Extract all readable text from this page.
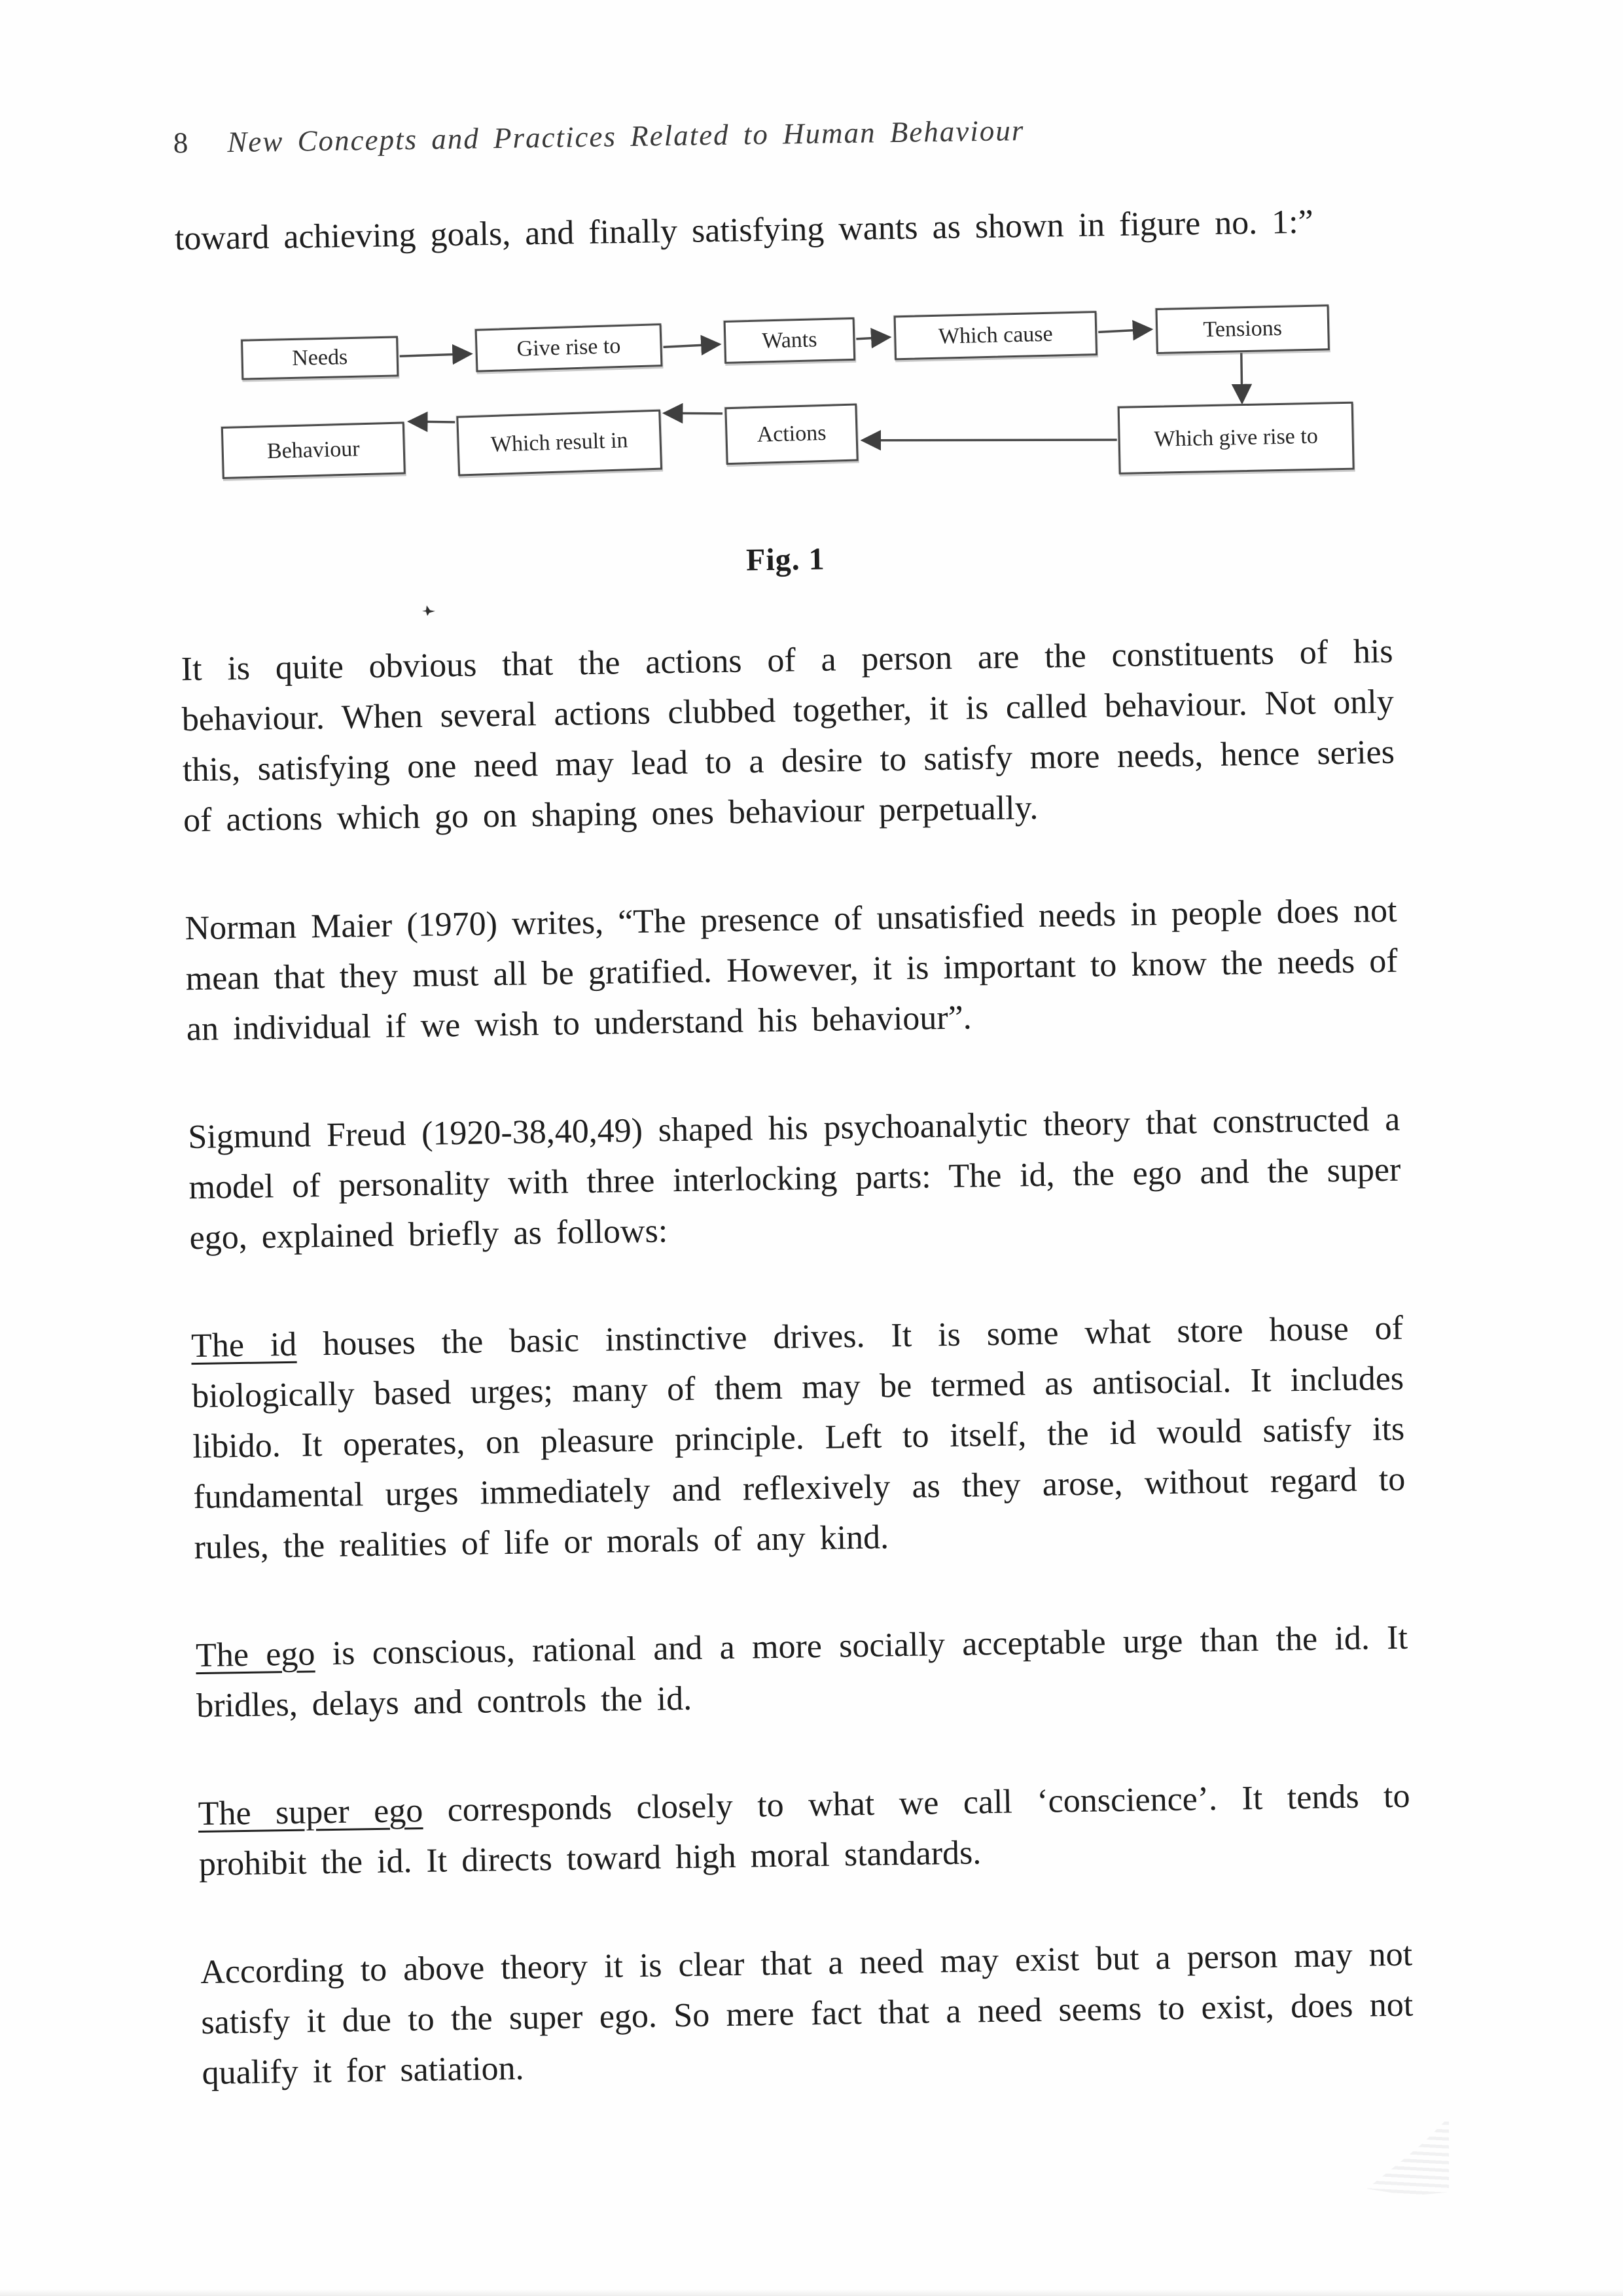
8 New Concepts and Practices Related to Human Behaviour

toward achieving goals, and finally satisfying wants as shown in figure no. 1:”

Needs	Give rise to	Wants	Which cause	Tensions
Behaviour	Which result in	Actions	Which give rise to
Fig. 1

It is quite obvious that the actions of a person are the constituents of his behaviour. When several actions clubbed together, it is called behaviour. Not only this, satisfying one need may lead to a desire to satisfy more needs, hence series of actions which go on shaping ones behaviour perpetually.

Norman Maier (1970) writes, “The presence of unsatisfied needs in people does not mean that they must all be gratified. However, it is important to know the needs of an individual if we wish to understand his behaviour”.

Sigmund Freud (1920-38,40,49) shaped his psychoanalytic theory that constructed a model of personality with three interlocking parts: The id, the ego and the super ego, explained briefly as follows:

The id houses the basic instinctive drives. It is some what store house of biologically based urges; many of them may be termed as antisocial. It includes libido. It operates, on pleasure principle. Left to itself, the id would satisfy its fundamental urges immediately and reflexively as they arose, without regard to rules, the realities of life or morals of any kind.

The ego is conscious, rational and a more socially acceptable urge than the id. It bridles, delays and controls the id.

The super ego corresponds closely to what we call ‘conscience’. It tends to prohibit the id. It directs toward high moral standards.

According to above theory it is clear that a need may exist but a person may not satisfy it due to the super ego. So mere fact that a need seems to exist, does not qualify it for satiation.
